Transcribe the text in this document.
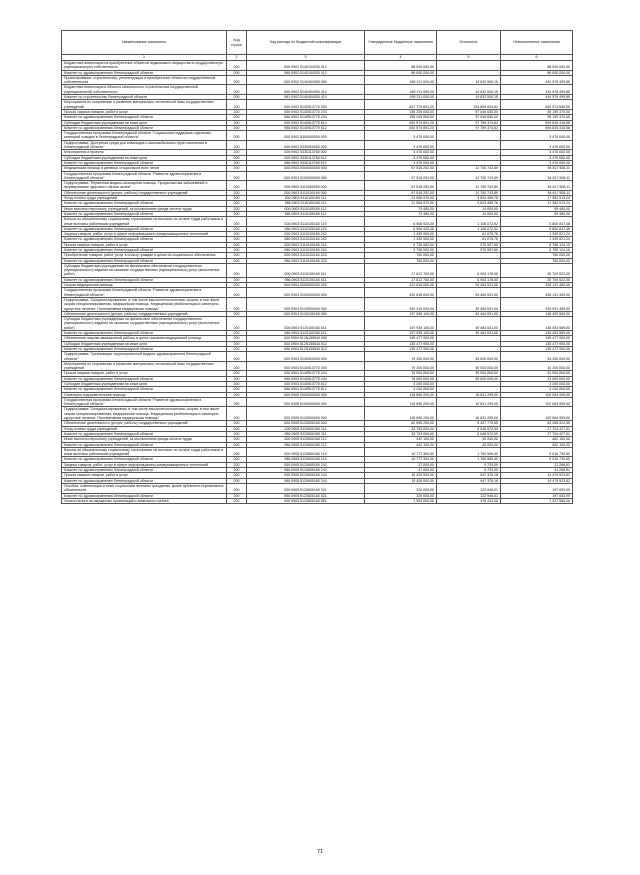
Наименование показателя	Код строки	Код расхода по бюджетной классификации	Утвержденные бюджетные назначения	Исполнено	Неисполненные назначения
1	2	3	4	5	6
Бюджетные инвестиции на приобретение объектов недвижимого имущества в государственную (муниципальную) собственность	200	000 0902 5140104200 412	88 000 000,00	-	88 000 000,00
Комитет по здравоохранению Ленинградской области	200	986 0902 5140104200 412	88 000 000,00	-	88 000 000,00
Проектирование, строительство, реконструкция и приобретение объектов государственной собственности	200	000 0902 5140404300 000	459 211 000,00	14 632 500,15	444 578 499,85
Бюджетные инвестиции в объекты капитального строительства государственной (муниципальной) собственности	200	000 0902 5140404300 414	459 211 000,00	14 632 500,15	444 578 499,85
Комитет по строительству Ленинградской области	200	981 0902 5140404300 414	459 211 000,00	14 632 500,15	444 578 499,85
Мероприятия по сохранению и развитию материально-технической базы государственных учреждений	200	000 0902 5140513770 000	847 779 691,20	154 805 004,62	692 974 686,58
Прочая закупка товаров, работ и услуг	200	000 0902 5140513770 244	155 205 000,00	57 046 630,00	98 159 370,00
Комитет по здравоохранению Ленинградской области	200	986 0902 5140513770 244	155 205 000,00	57 046 630,00	98 159 370,00
Субсидии бюджетным учреждениям на иные цели	200	000 0902 5140513770 612	692 574 691,20	97 758 374,62	594 815 316,58
Комитет по здравоохранению Ленинградской области	200	986 0902 5140513770 612	692 574 691,20	97 759 374,62	594 815 316,58
Государственная программа Ленинградской области "Социальная поддержка отдельных категорий граждан в Ленинградской области"	200	000 0902 5300000000 000	3 470 000,00	-	3 470 000,00
Подпрограмма "Доступная среда для инвалидов и маломобильных групп населения в Ленинградской области"	200	000 0902 5330000000 000	3 470 000,00	-	3 470 000,00
Мероприятия и проекты	200	000 0902 5330113760 000	3 470 000,00	-	3 470 000,00
Субсидии бюджетным учреждениям на иные цели	200	000 0902 5330113760 612	3 470 000,00	-	3 470 000,00
Комитет по здравоохранению Ленинградской области	200	986 0902 5330113760 612	3 470 000,00	-	3 470 000,00
Медицинская помощь в дневных стационарах всех типов	200	000 0903 0000000000 000	67 518 252,00	12 700 743,89	54 817 508,11
Государственная программа Ленинградской области "Развитие здравоохранения в Ленинградской области"	200	000 0903 5100000000 000	67 518 252,00	12 700 743,89	54 817 508,11
Подпрограмма "Первичная медико-санитарная помощь. Профилактика заболеваний и формирование здорового образа жизни"	200	000 0903 5110000000 000	67 518 252,00	12 700 743,89	54 817 508,11
Обеспечение деятельности (услуги, работы) государственных учреждений	200	000 0903 5110100160 000	67 518 252,00	12 700 743,89	54 817 508,11
Фонд оплаты труда учреждений	200	000 0903 5110100160 111	21 006 970,00	3 623 456,76	17 382 513,24
Комитет по здравоохранению Ленинградской области	200	986 0903 5110100160 111	21 006 970,00	3 623 456,76	17 382 513,24
Иные выплаты персоналу учреждений, за исключением фонда оплаты труда	200	000 0903 5110100160 112	73 480,00	14 000,00	59 480,00
Комитет по здравоохранению Ленинградской области	200	986 0903 5110100160 112	73 480,00	14 000,00	59 480,00
Взносы по обязательному социальному страхованию на выплаты по оплате труда работников и иные выплаты работникам учреждений	200	000 0903 5110100160 119	6 908 920,00	1 108 072,52	5 800 847,48
Комитет по здравоохранению Ленинградской области	200	986 0903 5110100160 119	6 908 920,00	1 108 072,52	5 800 847,48
Закупка товаров, работ, услуг в сфере информационно-коммуникационных технологий	200	000 0903 5110100160 242	1 430 900,00	81 078,76	1 349 821,24
Комитет по здравоохранению Ленинградской области	200	986 0903 5110100160 242	1 430 900,00	81 078,76	1 349 821,24
Прочая закупка товаров, работ и услуг	200	000 0903 5110100160 244	9 736 082,00	970 957,85	8 765 124,15
Комитет по здравоохранению Ленинградской области	200	986 0903 5110100160 244	9 736 082,00	970 957,85	8 765 124,15
Приобретение товаров, работ, услуг в пользу граждан в целях их социального обеспечения	200	000 0903 5110100160 323	750 000,00	-	750 000,00
Комитет по здравоохранению Ленинградской области	200	986 0903 5110100160 323	750 000,00	-	750 000,00
Субсидии бюджетным учреждениям на финансовое обеспечение государственного (муниципального) задания на оказание государственных (муниципальных) услуг (выполнение работ)	200	000 0903 5110100160 611	27 612 700,00	6 903 178,00	20 709 522,00
Комитет по здравоохранению Ленинградской области	200	986 0903 5110100160 611	27 612 700,00	6 903 178,00	20 709 522,00
Скорая медицинская помощь	200	000 0904 0000000000 000	422 616 000,00	94 484 531,00	328 131 469,00
Государственная программа Ленинградской области "Развитие здравоохранения в Ленинградской области"	200	000 0904 5100000000 000	422 616 000,00	94 484 531,00	328 131 469,00
Подпрограмма "Специализированная, в том числе высокотехнологичная, скорая, в том числе скорая специализированная, медицинская помощь. Медицинская реабилитация и санаторно-курортное лечение. Паллиативная медицинская помощь"	200	000 0904 5120000000 000	343 416 000,00	49 484 531,00	293 931 469,00
Обеспечение деятельности (услуги, работы) государственных учреждений	200	000 0904 5120100160 000	197 938 100,00	49 484 531,00	148 453 569,00
Субсидии бюджетным учреждениям на финансовое обеспечение государственного (муниципального) задания на оказание государственных (муниципальных) услуг (выполнение работ)	200	000 0904 5120100160 611	197 938 100,00	49 484 531,00	148 453 569,00
Комитет по здравоохранению Ленинградской области	200	986 0904 5120100160 611	197 938 100,00	49 484 531,00	148 453 569,00
Обеспечение закупки авиационной работы в целях оказания медицинской помощи	200	000 0904 512N155540 000	145 477 900,00	-	145 477 900,00
Субсидии бюджетным учреждениям на иные цели	200	000 0904 512N155540 612	145 477 900,00	-	145 477 900,00
Комитет по здравоохранению Ленинградской области	200	986 0904 512N155540 612	145 477 900,00	-	145 477 900,00
Подпрограмма "Организация территориальной модели здравоохранения Ленинградской области"	200	000 0904 5140000000 000	79 200 000,00	45 000 000,00	34 200 000,00
Мероприятия по сохранению и развитию материально-технической базы государственных учреждений	200	000 0904 5140513770 000	79 200 000,00	45 000 000,00	34 200 000,00
Прочая закупка товаров, работ и услуг	200	000 0904 5140513770 244	76 000 000,00	45 000 000,00	31 000 000,00
Комитет по здравоохранению Ленинградской области	200	986 0904 5140513770 244	76 000 000,00	45 000 000,00	31 000 000,00
Субсидии бюджетным учреждениям на иные цели	200	000 0904 5140513770 612	3 200 000,00	-	3 200 000,00
Комитет по здравоохранению Ленинградской области	200	986 0904 5140513770 612	3 200 000,00	-	3 200 000,00
Санаторно-оздоровительная помощь	200	000 0905 0000000000 000	118 696 200,00	16 631 295,00	102 064 905,00
Государственная программа Ленинградской области "Развитие здравоохранения в Ленинградской области"	200	000 0905 5100000000 000	118 696 200,00	16 631 295,00	102 064 905,00
Подпрограмма "Специализированная, в том числе высокотехнологичная, скорая, в том числе скорая специализированная, медицинская помощь. Медицинская реабилитация и санаторно-курортное лечение. Паллиативная медицинская помощь"	200	000 0905 5120000000 000	118 696 200,00	16 631 295,00	102 064 905,00
Обеспечение деятельности (услуги, работы) государственных учреждений	200	000 0905 5120600160 000	62 696 200,00	9 407 775,65	53 288 424,35
Фонд оплаты труда учреждений	200	000 0905 5120600160 111	33 753 000,00	6 048 572,99	27 704 427,01
Комитет по здравоохранению Ленинградской области	200	986 0905 5120600160 111	33 753 000,00	6 048 572,99	27 704 427,01
Иные выплаты персоналу учреждений, за исключением фонда оплаты труда	200	000 0905 5120600160 112	442 100,00	40 000,00	402 100,00
Комитет по здравоохранению Ленинградской области	200	986 0905 5120600160 112	442 100,00	40 000,00	402 100,00
Взносы по обязательному социальному страхованию на выплаты по оплате труда работников и иные выплаты работникам учреждений	200	000 0905 5120600160 119	10 777 300,00	1 760 569,40	9 016 730,60
Комитет по здравоохранению Ленинградской области	200	986 0905 5120600160 119	10 777 300,00	1 760 569,40	9 016 730,60
Закупка товаров, работ, услуг в сфере информационно-коммуникационных технологий	200	000 0905 5120600160 242	37 000,00	5 733,09	31 266,91
Комитет по здравоохранению Ленинградской области	200	986 0905 5120600160 242	37 000,00	5 733,09	31 266,91
Прочая закупка товаров, работ и услуг	200	000 0905 5120600160 244	15 426 900,00	947 376,18	14 479 523,82
Комитет по здравоохранению Ленинградской области	200	986 0905 5120600160 244	15 426 900,00	947 376,18	14 479 523,82
Пособия, компенсации и иные социальные выплаты гражданам, кроме публичных нормативных обязательств	200	000 0905 5120600160 321	320 000,00	122 946,01	197 053,99
Комитет по здравоохранению Ленинградской области	200	986 0905 5120600160 321	320 000,00	122 946,01	197 053,99
Уплата налога на имущество организаций и земельного налога	200	000 0905 5120600160 851	1 903 000,00	475 434,00	1 427 566,00
71
